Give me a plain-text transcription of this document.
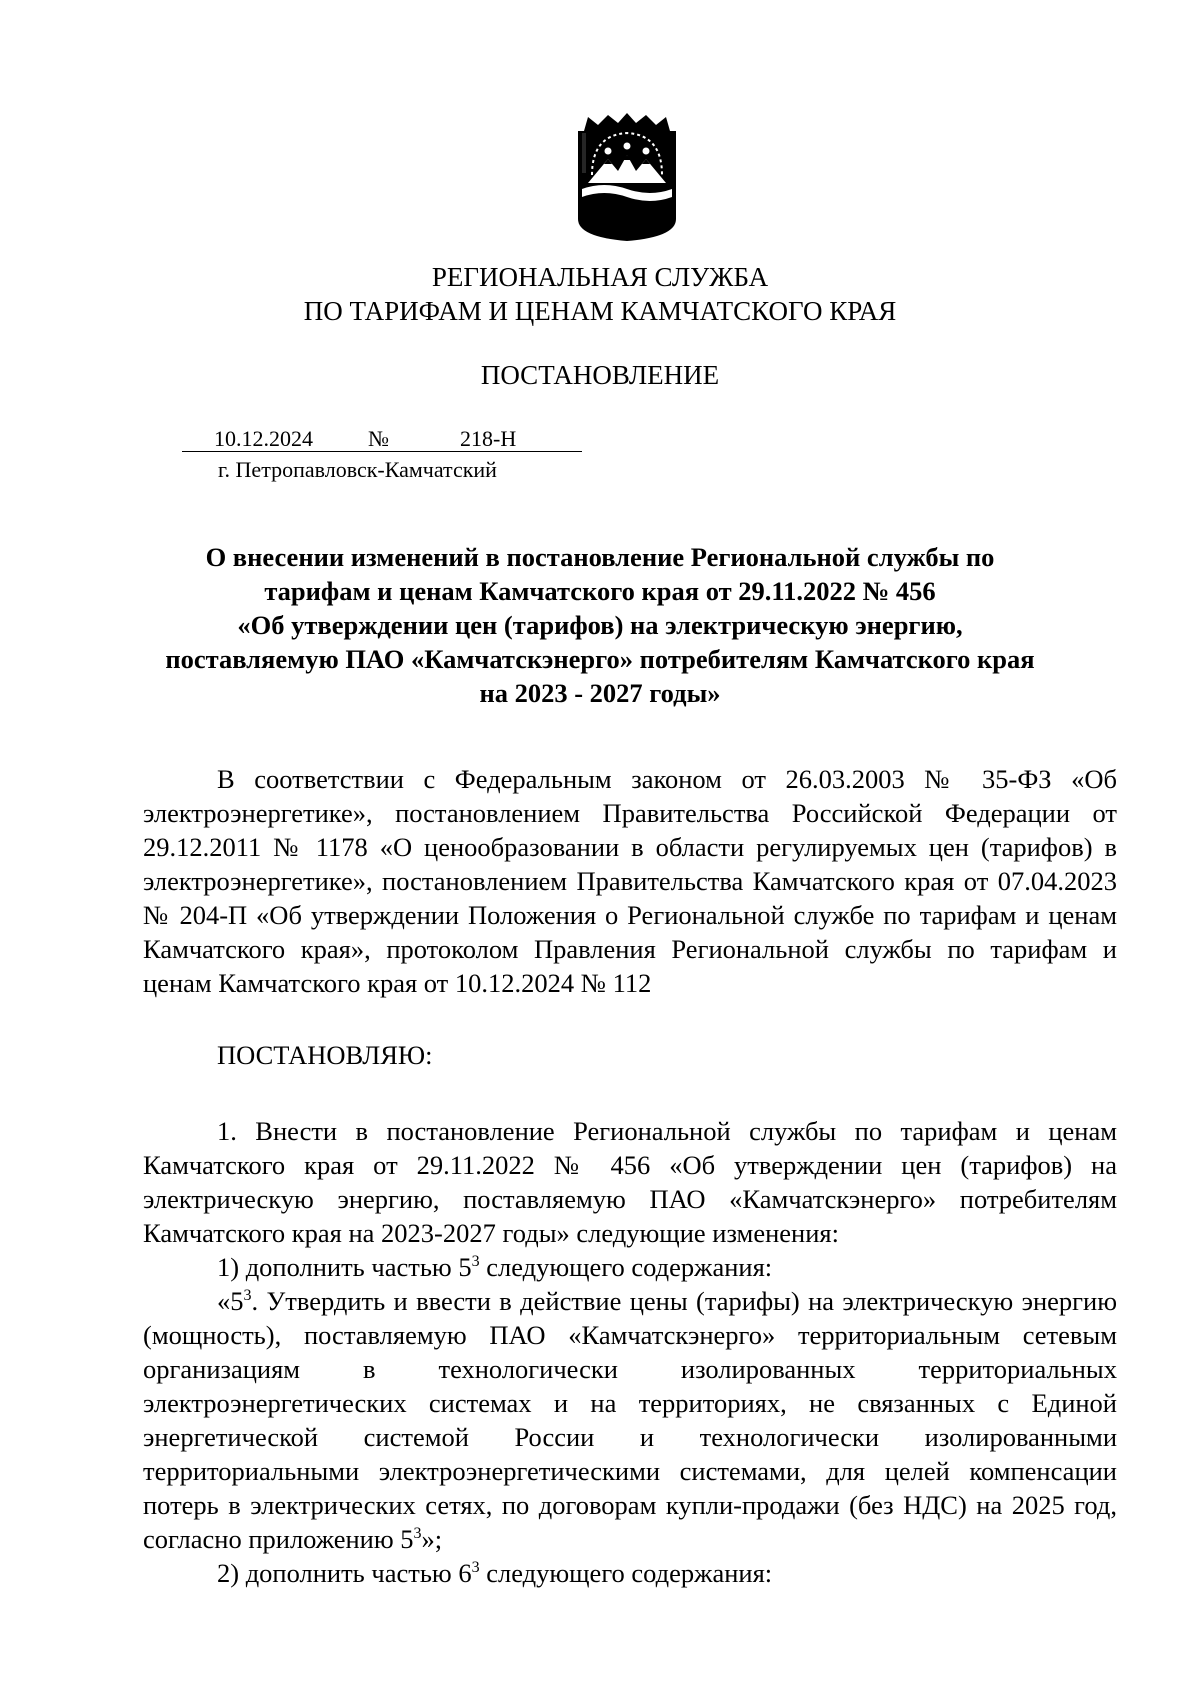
РЕГИОНАЛЬНАЯ СЛУЖБА
ПО ТАРИФАМ И ЦЕНАМ КАМЧАТСКОГО КРАЯ
ПОСТАНОВЛЕНИЕ
10.12.2024	№	218-Н
г. Петропавловск-Камчатский
О внесении изменений в постановление Региональной службы по
тарифам и ценам Камчатского края от 29.11.2022 № 456
«Об утверждении цен (тарифов) на электрическую энергию,
поставляемую ПАО «Камчатскэнерго» потребителям Камчатского края
на 2023 - 2027 годы»

В соответствии с Федеральным законом от 26.03.2003 № 35-ФЗ «Об электроэнергетике», постановлением Правительства Российской Федерации от 29.12.2011 № 1178 «О ценообразовании в области регулируемых цен (тарифов) в электроэнергетике», постановлением Правительства Камчатского края от 07.04.2023 № 204-П «Об утверждении Положения о Региональной службе по тарифам и ценам Камчатского края», протоколом Правления Региональной службы по тарифам и ценам Камчатского края от 10.12.2024 № 112

ПОСТАНОВЛЯЮ:

1. Внести в постановление Региональной службы по тарифам и ценам Камчатского края от 29.11.2022 № 456 «Об утверждении цен (тарифов) на электрическую энергию, поставляемую ПАО «Камчатскэнерго» потребителям Камчатского края на 2023-2027 годы» следующие изменения:

1) дополнить частью $5^3$ следующего содержания:

«$5^3$. Утвердить и ввести в действие цены (тарифы) на электрическую энергию (мощность), поставляемую ПАО «Камчатскэнерго» территориальным сетевым организациям в технологически изолированных территориальных электроэнергетических системах и на территориях, не связанных с Единой энергетической системой России и технологически изолированными территориальными электроэнергетическими системами, для целей компенсации потерь в электрических сетях, по договорам купли-продажи (без НДС) на 2025 год, согласно приложению $5^3$»;

2) дополнить частью $6^3$ следующего содержания:
